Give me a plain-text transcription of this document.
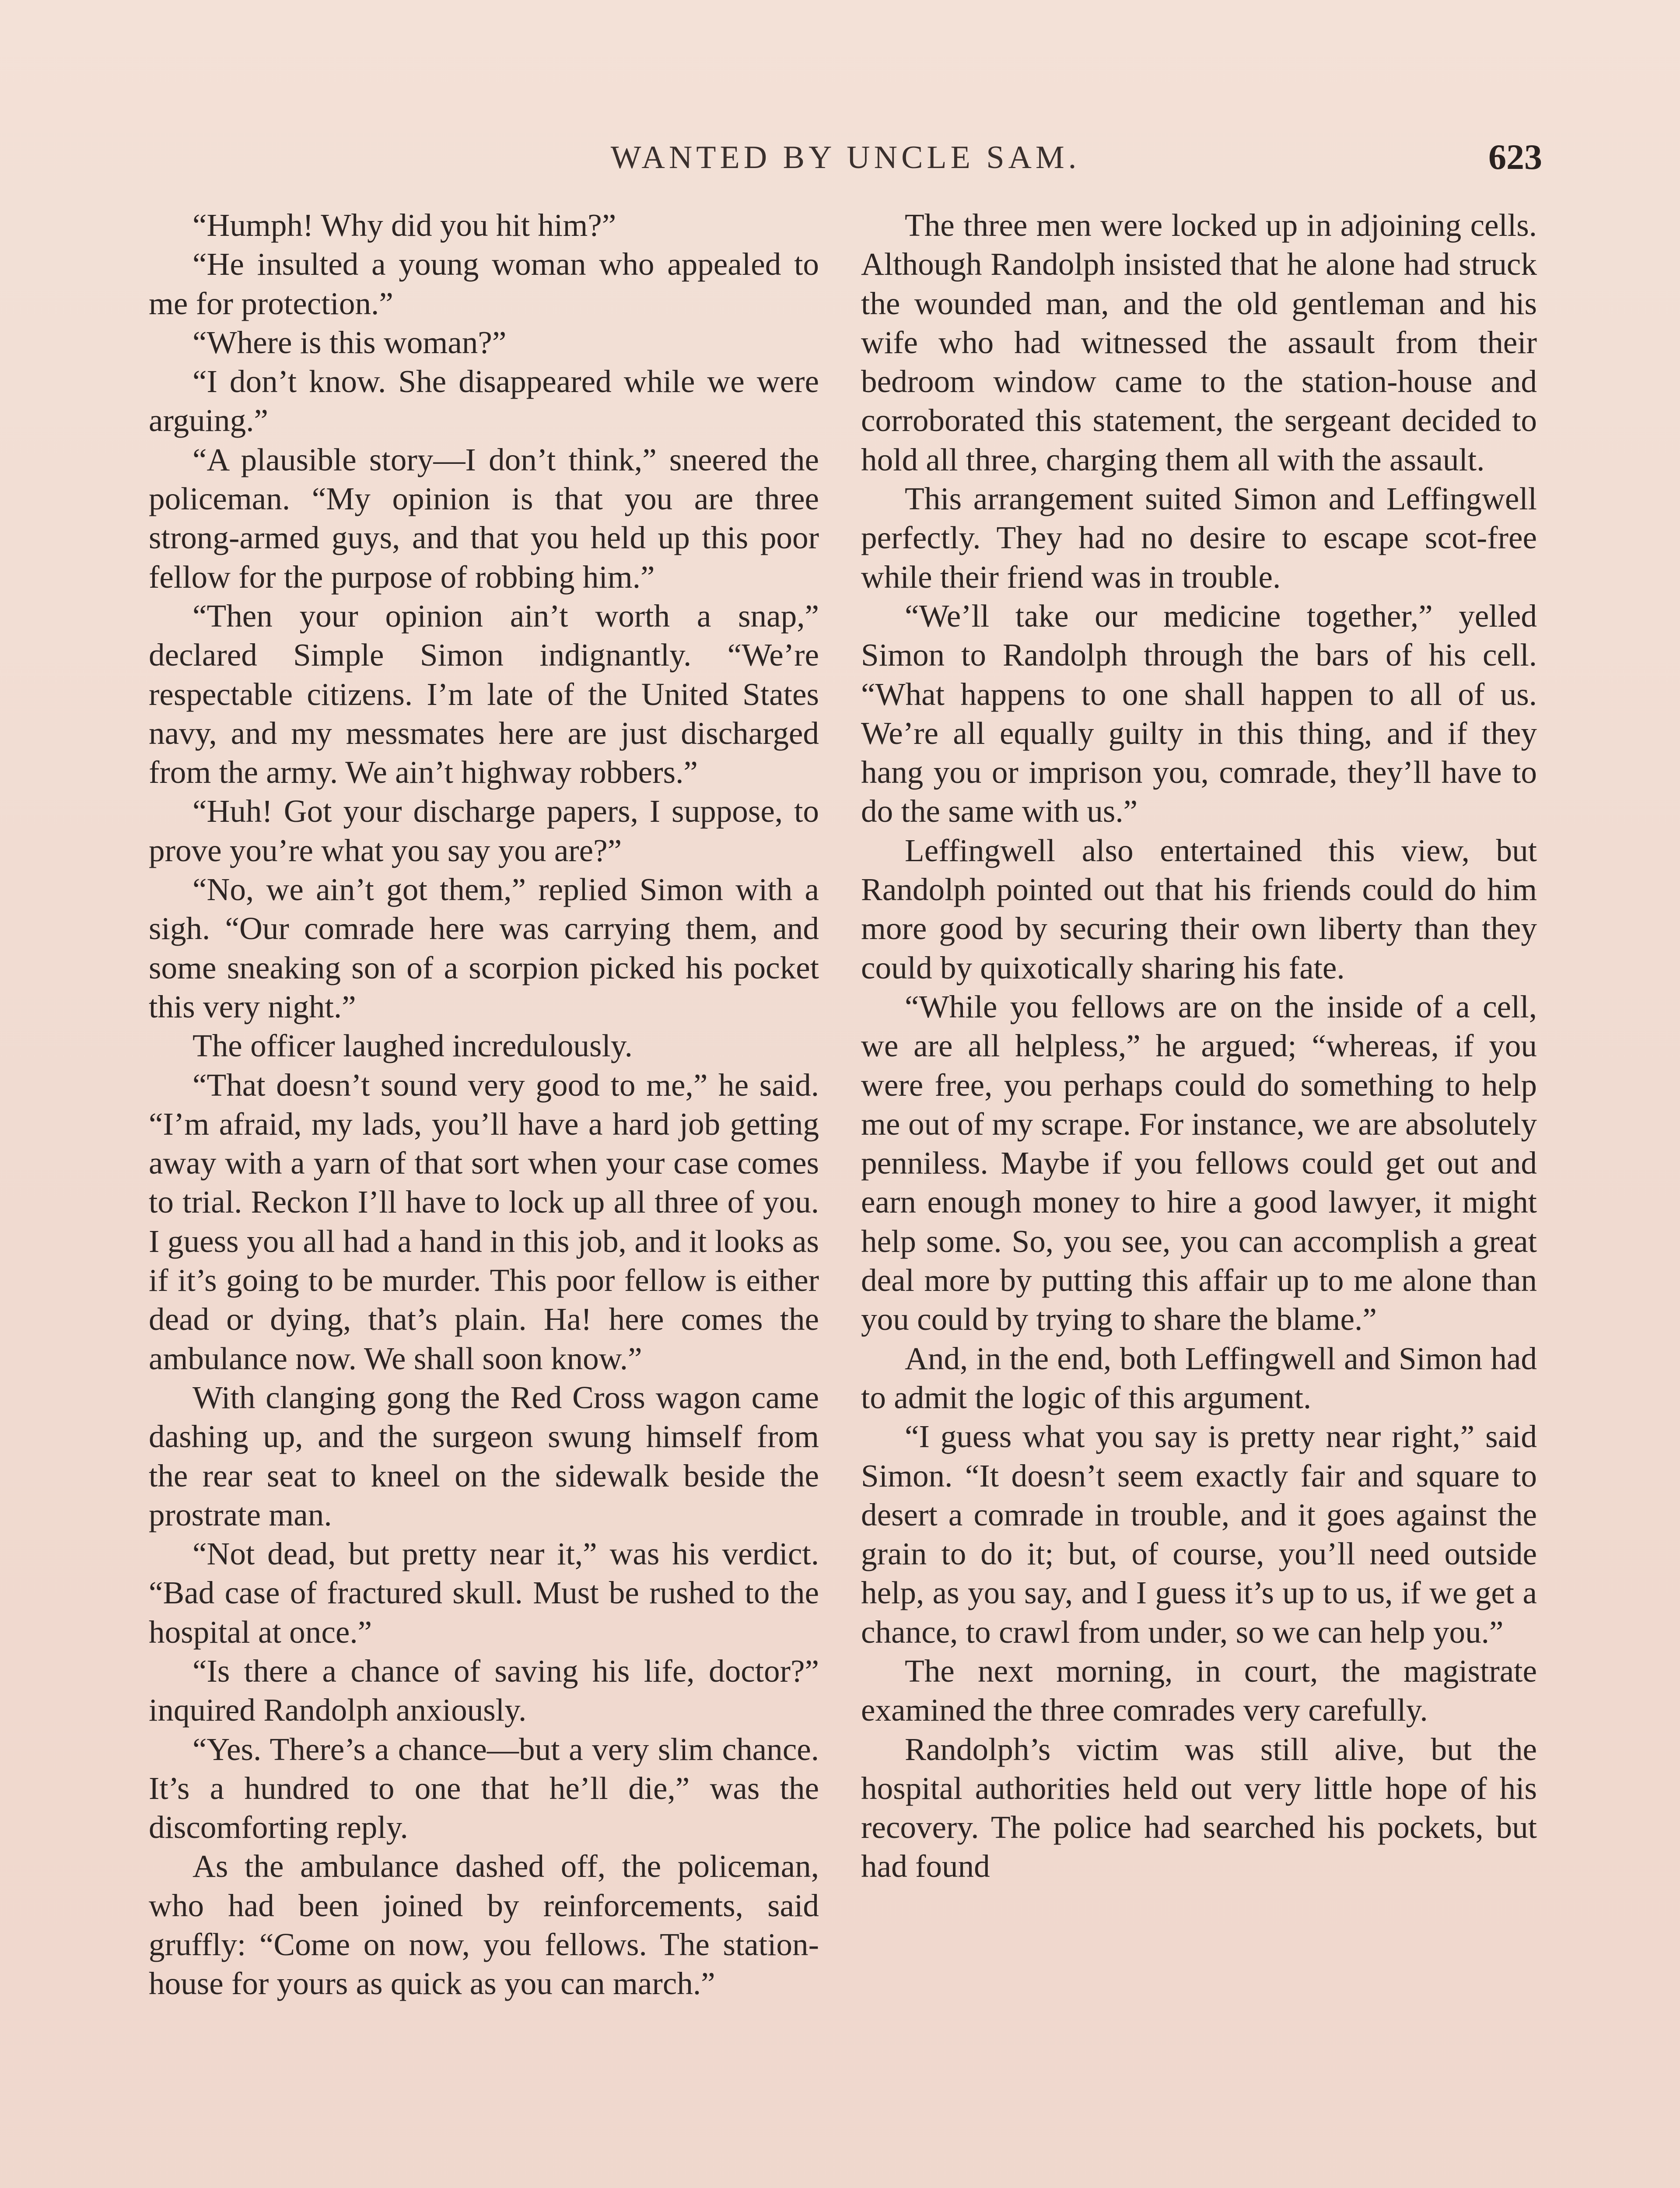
WANTED BY UNCLE SAM.	623

“Humph! Why did you hit him?”

“He insulted a young woman who appealed to me for protection.”

“Where is this woman?”

“I don’t know. She disappeared while we were arguing.”

“A plausible story—I don’t think,” sneered the policeman. “My opinion is that you are three strong-armed guys, and that you held up this poor fellow for the purpose of robbing him.”

“Then your opinion ain’t worth a snap,” declared Simple Simon indignantly. “We’re respectable citizens. I’m late of the United States navy, and my messmates here are just discharged from the army. We ain’t highway robbers.”

“Huh! Got your discharge papers, I suppose, to prove you’re what you say you are?”

“No, we ain’t got them,” replied Simon with a sigh. “Our comrade here was carrying them, and some sneaking son of a scorpion picked his pocket this very night.”

The officer laughed incredulously.

“That doesn’t sound very good to me,” he said. “I’m afraid, my lads, you’ll have a hard job getting away with a yarn of that sort when your case comes to trial. Reckon I’ll have to lock up all three of you. I guess you all had a hand in this job, and it looks as if it’s going to be murder. This poor fellow is either dead or dying, that’s plain. Ha! here comes the ambulance now. We shall soon know.”

With clanging gong the Red Cross wagon came dashing up, and the surgeon swung himself from the rear seat to kneel on the sidewalk beside the prostrate man.

“Not dead, but pretty near it,” was his verdict. “Bad case of fractured skull. Must be rushed to the hospital at once.”

“Is there a chance of saving his life, doctor?” inquired Randolph anxiously.

“Yes. There’s a chance—but a very slim chance. It’s a hundred to one that he’ll die,” was the discomforting reply.

As the ambulance dashed off, the policeman, who had been joined by reinforcements, said gruffly: “Come on now, you fellows. The station-house for yours as quick as you can march.”

The three men were locked up in adjoining cells. Although Randolph insisted that he alone had struck the wounded man, and the old gentleman and his wife who had witnessed the assault from their bedroom window came to the station-house and corroborated this statement, the sergeant decided to hold all three, charging them all with the assault.

This arrangement suited Simon and Leffingwell perfectly. They had no desire to escape scot-free while their friend was in trouble.

“We’ll take our medicine together,” yelled Simon to Randolph through the bars of his cell. “What happens to one shall happen to all of us. We’re all equally guilty in this thing, and if they hang you or imprison you, comrade, they’ll have to do the same with us.”

Leffingwell also entertained this view, but Randolph pointed out that his friends could do him more good by securing their own liberty than they could by quixotically sharing his fate.

“While you fellows are on the inside of a cell, we are all helpless,” he argued; “whereas, if you were free, you perhaps could do something to help me out of my scrape. For instance, we are absolutely penniless. Maybe if you fellows could get out and earn enough money to hire a good lawyer, it might help some. So, you see, you can accomplish a great deal more by putting this affair up to me alone than you could by trying to share the blame.”

And, in the end, both Leffingwell and Simon had to admit the logic of this argument.

“I guess what you say is pretty near right,” said Simon. “It doesn’t seem exactly fair and square to desert a comrade in trouble, and it goes against the grain to do it; but, of course, you’ll need outside help, as you say, and I guess it’s up to us, if we get a chance, to crawl from under, so we can help you.”

The next morning, in court, the magistrate examined the three comrades very carefully.

Randolph’s victim was still alive, but the hospital authorities held out very little hope of his recovery. The police had searched his pockets, but had found
